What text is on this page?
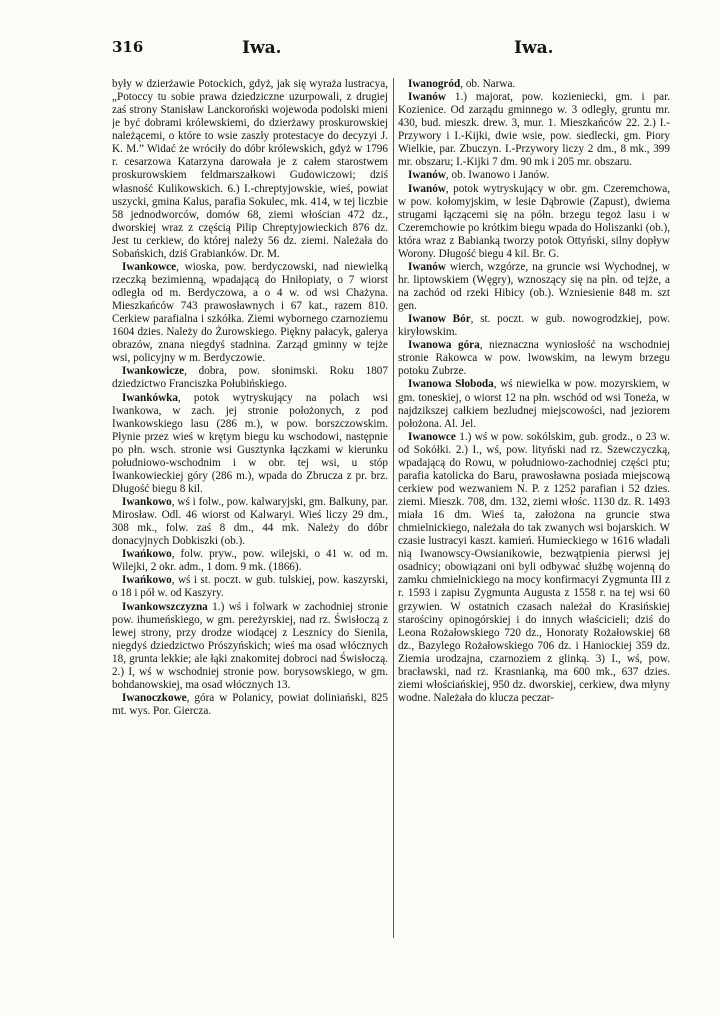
316	Iwa.	Iwa.

były w dzierżawie Potockich, gdyż, jak się wyraża lustracya, „Potoccy tu sobie prawa dziedziczne uzurpowali, z drugiej zaś strony Stanisław Lanckoroński wojewoda podolski mieni je być dobrami królewskiemi, do dzierżawy proskurowskiej należącemi, o które to wsie zaszły protestacye do decyzyi J. K. M.” Widać że wróciły do dóbr królewskich, gdyż w 1796 r. cesarzowa Katarzyna darowała je z całem starostwem proskurowskiem feldmarszałkowi Gudowiczowi; dziś własność Kulikowskich. 6.) I.-chreptyjowskie, wieś, powiat uszycki, gmina Kalus, parafia Sokulec, mk. 414, w tej liczbie 58 jednodworców, domów 68, ziemi włościan 472 dz., dworskiej wraz z częścią Pilip Chreptyjowieckich 876 dz. Jest tu cerkiew, do której należy 56 dz. ziemi. Należała do Sobańskich, dziś Grabianków. Dr. M.

Iwankowce, wioska, pow. berdyczowski, nad niewielką rzeczką bezimienną, wpadającą do Hniłopiaty, o 7 wiorst odległa od m. Berdyczowa, a o 4 w. od wsi Chażyna. Mieszkańców 743 prawosławnych i 67 kat., razem 810. Cerkiew parafialna i szkółka. Ziemi wybornego czarnoziemu 1604 dzies. Należy do Żurowskiego. Piękny pałacyk, galerya obrazów, znana niegdyś stadnina. Zarząd gminny w tejże wsi, policyjny w m. Berdyczowie.

Iwankowicze, dobra, pow. słonimski. Roku 1807 dziedzictwo Franciszka Połubińskiego.

Iwankówka, potok wytryskujący na polach wsi Iwankowa, w zach. jej stronie położonych, z pod Iwankowskiego lasu (286 m.), w pow. borszczowskim. Płynie przez wieś w krętym biegu ku wschodowi, następnie po płn. wsch. stronie wsi Gusztynka łączkami w kierunku południowo-wschodnim i w obr. tej wsi, u stóp Iwankowieckiej góry (286 m.), wpada do Zbrucza z pr. brz. Długość biegu 8 kil.

Iwankowo, wś i folw., pow. kalwaryjski, gm. Balkuny, par. Mirosław. Odl. 46 wiorst od Kalwaryi. Wieś liczy 29 dm., 308 mk., folw. zaś 8 dm., 44 mk. Należy do dóbr donacyjnych Dobkiszki (ob.).

Iwańkowo, folw. pryw., pow. wilejski, o 41 w. od m. Wilejki, 2 okr. adm., 1 dom. 9 mk. (1866).

Iwańkowo, wś i st. poczt. w gub. tulskiej, pow. kaszyrski, o 18 i pół w. od Kaszyry.

Iwankowszczyzna 1.) wś i folwark w zachodniej stronie pow. ihumeńskiego, w gm. pereżyrskiej, nad rz. Świsłoczą z lewej strony, przy drodze wiodącej z Lesznicy do Sienila, niegdyś dziedzictwo Prószyńskich; wieś ma osad włócznych 18, grunta lekkie; ale łąki znakomitej dobroci nad Świsłoczą. 2.) I, wś w wschodniej stronie pow. borysowskiego, w gm. bohdanowskiej, ma osad włócznych 13.

Iwanoczkowe, góra w Polanicy, powiat doliniański, 825 mt. wys. Por. Giercza.

Iwanogród, ob. Narwa.

Iwanów 1.) majorat, pow. kozieniecki, gm. i par. Kozienice. Od zarządu gminnego w. 3 odległy, gruntu mr. 430, bud. mieszk. drew. 3, mur. 1. Mieszkańców 22. 2.) I.-Przywory i I.-Kijki, dwie wsie, pow. siedlecki, gm. Piory Wielkie, par. Zbuczyn. I.-Przywory liczy 2 dm., 8 mk., 399 mr. obszaru; I.-Kijki 7 dm. 90 mk i 205 mr. obszaru.

Iwanów, ob. Iwanowo i Janów.

Iwanów, potok wytryskujący w obr. gm. Czeremchowa, w pow. kołomyjskim, w lesie Dąbrowie (Zapust), dwiema strugami łączącemi się na półn. brzegu tegoż lasu i w Czeremchowie po krótkim biegu wpada do Holiszanki (ob.), która wraz z Babianką tworzy potok Ottyński, silny dopływ Worony. Długość biegu 4 kil. Br. G.

Iwanów wierch, wzgórze, na gruncie wsi Wychodnej, w hr. liptowskiem (Węgry), wznoszący się na płn. od tejże, a na zachód od rzeki Hibicy (ob.). Wzniesienie 848 m. szt gen.

Iwanow Bór, st. poczt. w gub. nowogrodzkiej, pow. kiryłowskim.

Iwanowa góra, nieznaczna wyniosłość na wschodniej stronie Rakowca w pow. lwowskim, na lewym brzegu potoku Zubrze.

Iwanowa Słoboda, wś niewielka w pow. mozyrskiem, w gm. toneskiej, o wiorst 12 na płn. wschód od wsi Toneża, w najdzikszej całkiem bezludnej miejscowości, nad jeziorem położona. Al. Jel.

Iwanowce 1.) wś w pow. sokólskim, gub. grodz., o 23 w. od Sokółki. 2.) I., wś, pow. lityński nad rz. Szewczyczką, wpadającą do Rowu, w południowo-zachodniej części ptu; parafia katolicka do Baru, prawosławna posiada miejscową cerkiew pod wezwaniem N. P. z 1252 parafian i 52 dzies. ziemi. Mieszk. 708, dm. 132, ziemi włośc. 1130 dz. R. 1493 miała 16 dm. Wieś ta, założona na gruncie stwa chmielnickiego, należała do tak zwanych wsi bojarskich. W czasie lustracyi kaszt. kamień. Humieckiego w 1616 władali nią Iwanowscy-Owsianikowie, bezwątpienia pierwsi jej osadnicy; obowiązani oni byli odbywać służbę wojenną do zamku chmielnickiego na mocy konfirmacyi Zygmunta III z r. 1593 i zapisu Zygmunta Augusta z 1558 r. na tej wsi 60 grzywien. W ostatnich czasach należał do Krasińskiej starościny opinogórskiej i do innych właścicieli; dziś do Leona Rożałowskiego 720 dz., Honoraty Rożałowskiej 68 dz., Bazylego Rożałowskiego 706 dz. i Haniockiej 359 dz. Ziemia urodzajna, czarnoziem z glinką. 3) I., wś, pow. bracławski, nad rz. Krasnianką, ma 600 mk., 637 dzies. ziemi włościańskiej, 950 dz. dworskiej, cerkiew, dwa młyny wodne. Należała do klucza peczar-
